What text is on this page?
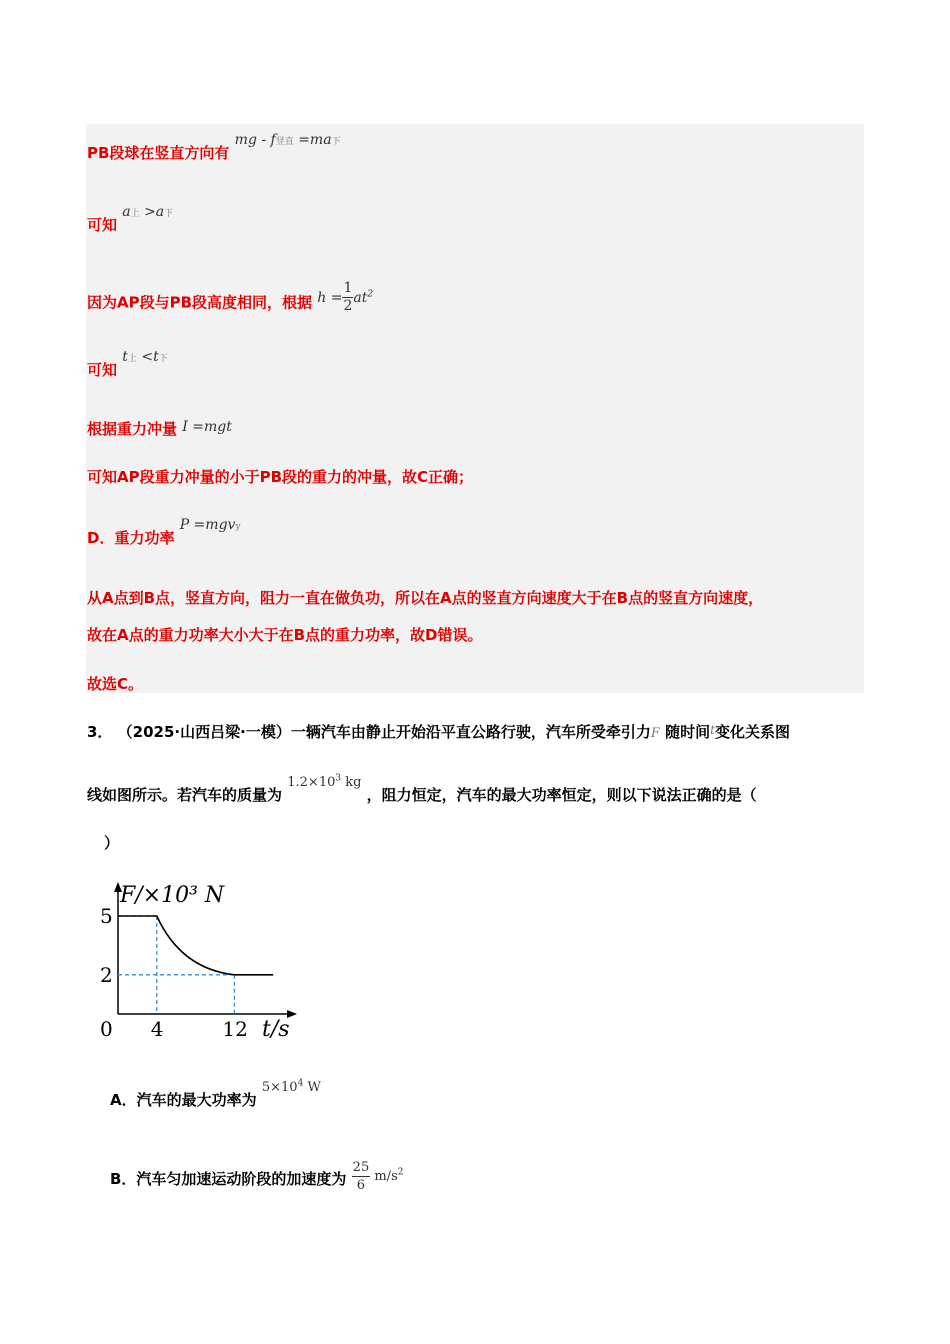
PB段球在竖直方向有 mg - f竖直 =ma下
可知 a上 >a下
因为AP段与PB段高度相同，根据 $h = \frac{1}{2} at^2$
可知 t上 <t下
根据重力冲量 I =mgt
可知AP段重力冲量的小于PB段的重力的冲量，故C正确；
D．重力功率 P =mgvy
从A点到B点，竖直方向，阻力一直在做负功，所以在A点的竖直方向速度大于在B点的竖直方向速度，
故在A点的重力功率大小大于在B点的重力功率，故D错误。
故选C。
3． （2025·山西吕梁·一模）一辆汽车由静止开始沿平直公路行驶，汽车所受牵引力F 随时间$^t$变化关系图
线如图所示。若汽车的质量为 $1.2\times 10^3$ kg ，阻力恒定，汽车的最大功率恒定，则以下说法正确的是（
）
F/×10³ N
t/s
0 4	12
5
2
A．汽车的最大功率为 $5\times 10^4$ W
B．汽车匀加速运动阶段的加速度为 $\frac{25}{6} m/s^2$
